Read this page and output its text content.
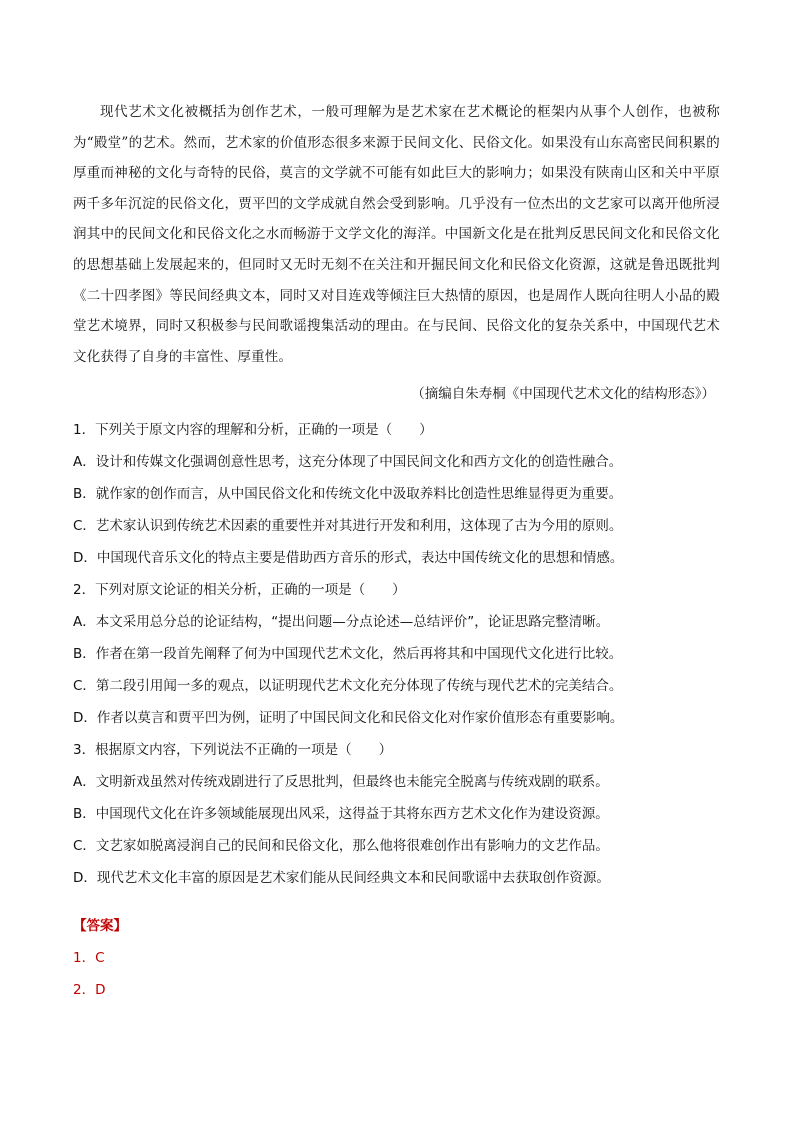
现代艺术文化被概括为创作艺术，一般可理解为是艺术家在艺术概论的框架内从事个人创作，也被称为“殿堂”的艺术。然而，艺术家的价值形态很多来源于民间文化、民俗文化。如果没有山东高密民间积累的厚重而神秘的文化与奇特的民俗，莫言的文学就不可能有如此巨大的影响力；如果没有陕南山区和关中平原两千多年沉淀的民俗文化，贾平凹的文学成就自然会受到影响。几乎没有一位杰出的文艺家可以离开他所浸润其中的民间文化和民俗文化之水而畅游于文学文化的海洋。中国新文化是在批判反思民间文化和民俗文化的思想基础上发展起来的，但同时又无时无刻不在关注和开掘民间文化和民俗文化资源，这就是鲁迅既批判《二十四孝图》等民间经典文本，同时又对目连戏等倾注巨大热情的原因，也是周作人既向往明人小品的殿堂艺术境界，同时又积极参与民间歌谣搜集活动的理由。在与民间、民俗文化的复杂关系中，中国现代艺术文化获得了自身的丰富性、厚重性。

（摘编自朱寿桐《中国现代艺术文化的结构形态》）

1．下列关于原文内容的理解和分析，正确的一项是（　　）

A．设计和传媒文化强调创意性思考，这充分体现了中国民间文化和西方文化的创造性融合。

B．就作家的创作而言，从中国民俗文化和传统文化中汲取养料比创造性思维显得更为重要。

C．艺术家认识到传统艺术因素的重要性并对其进行开发和利用，这体现了古为今用的原则。

D．中国现代音乐文化的特点主要是借助西方音乐的形式，表达中国传统文化的思想和情感。

2．下列对原文论证的相关分析，正确的一项是（　　）

A．本文采用总分总的论证结构，“提出问题—分点论述—总结评价”，论证思路完整清晰。

B．作者在第一段首先阐释了何为中国现代艺术文化，然后再将其和中国现代文化进行比较。

C．第二段引用闻一多的观点，以证明现代艺术文化充分体现了传统与现代艺术的完美结合。

D．作者以莫言和贾平凹为例，证明了中国民间文化和民俗文化对作家价值形态有重要影响。

3．根据原文内容，下列说法不正确的一项是（　　）

A．文明新戏虽然对传统戏剧进行了反思批判，但最终也未能完全脱离与传统戏剧的联系。

B．中国现代文化在许多领域能展现出风采，这得益于其将东西方艺术文化作为建设资源。

C．文艺家如脱离浸润自己的民间和民俗文化，那么他将很难创作出有影响力的文艺作品。

D．现代艺术文化丰富的原因是艺术家们能从民间经典文本和民间歌谣中去获取创作资源。

【答案】

1．C

2．D
